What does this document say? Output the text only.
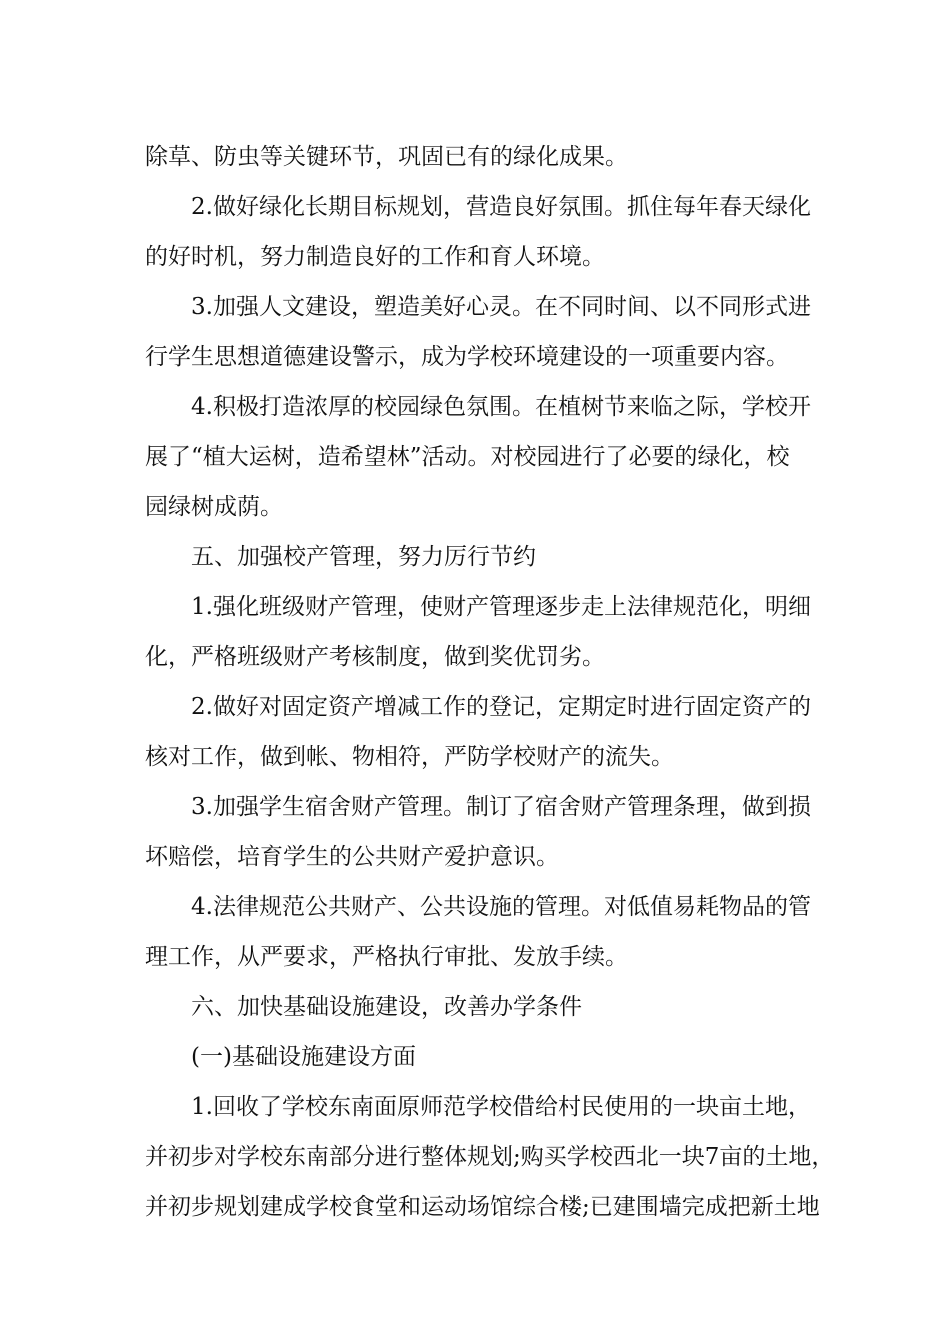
除草、防虫等关键环节，巩固已有的绿化成果。
2.做好绿化长期目标规划，营造良好氛围。抓住每年春天绿化
的好时机，努力制造良好的工作和育人环境。
3.加强人文建设，塑造美好心灵。在不同时间、以不同形式进
行学生思想道德建设警示，成为学校环境建设的一项重要内容。
4.积极打造浓厚的校园绿色氛围。在植树节来临之际，学校开
展了“植大运树，造希望林”活动。对校园进行了必要的绿化，校
园绿树成荫。
五、加强校产管理，努力厉行节约
1.强化班级财产管理，使财产管理逐步走上法律规范化，明细
化，严格班级财产考核制度，做到奖优罚劣。
2.做好对固定资产增减工作的登记，定期定时进行固定资产的
核对工作，做到帐、物相符，严防学校财产的流失。
3.加强学生宿舍财产管理。制订了宿舍财产管理条理，做到损
坏赔偿，培育学生的公共财产爱护意识。
4.法律规范公共财产、公共设施的管理。对低值易耗物品的管
理工作，从严要求，严格执行审批、发放手续。
六、加快基础设施建设，改善办学条件
(一)基础设施建设方面
1.回收了学校东南面原师范学校借给村民使用的一块亩土地，
并初步对学校东南部分进行整体规划;购买学校西北一块7亩的土地，
并初步规划建成学校食堂和运动场馆综合楼;已建围墙完成把新土地
